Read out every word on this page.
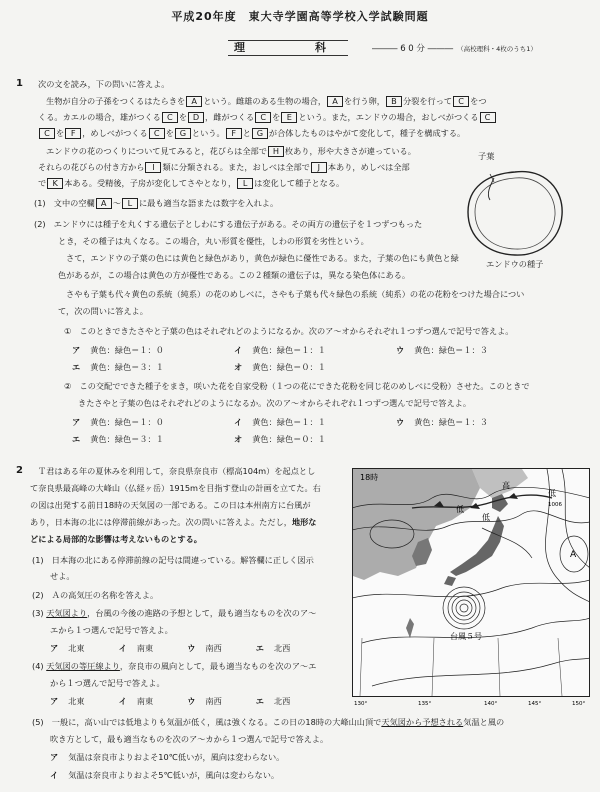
平成20年度　東大寺学園高等学校入学試験問題
理　　科	――― 6 0 分 ――― （高校理科・4枚のうち1）
1 次の文を読み，下の問いに答えよ。
生物が自分の子孫をつくるはたらきを A という。雌雄のある生物の場合， A を行う卵， B 分裂を行って C をつ
くる。カエルの場合，雄がつくる C を D ，雌がつくる C を E という。また，エンドウの場合，おしべがつくる C
C を F ，めしべがつくる C を G という。 F と G が合体したものはやがて変化して，種子を構成する。
エンドウの花のつくりについて見てみると，花びらは全部で H 枚あり，形や大きさが違っている。
それらの花びらの付き方から I 類に分類される。また，おしべは全部で J 本あり，めしべは全部
で K 本ある。受精後，子房が変化してさやとなり， L は変化して種子となる。
(1)　文中の空欄 A ～ L に最も適当な語または数字を入れよ。
(2)　エンドウには種子を丸くする遺伝子としわにする遺伝子がある。その両方の遺伝子を１つずつもった
とき，その種子は丸くなる。この場合，丸い形質を優性，しわの形質を劣性という。
さて，エンドウの子葉の色には黄色と緑色があり，黄色が緑色に優性である。また，子葉の色にも黄色と緑
色があるが，この場合は黄色の方が優性である。この２種類の遺伝子は，異なる染色体にある。
さやも子葉も代々黄色の系統（純系）の花のめしべに，さやも子葉も代々緑色の系統（純系）の花の花粉をつけた場合につい
て，次の問いに答えよ。
①　このときできたさやと子葉の色はそれぞれどのようになるか。次のア～オからそれぞれ１つずつ選んで記号で答えよ。
ア 黄色：緑色＝１：０	イ 黄色：緑色＝１：１	ウ 黄色：緑色＝１：３
エ 黄色：緑色＝３：１	オ 黄色：緑色＝０：１
②　この交配でできた種子をまき，咲いた花を自家受粉（１つの花にできた花粉を同じ花のめしべに受粉）させた。このときで
きたさやと子葉の色はそれぞれどのようになるか。次のア～オからそれぞれ１つずつ選んで記号で答えよ。
ア 黄色：緑色＝１：０	イ 黄色：緑色＝１：１	ウ 黄色：緑色＝１：３
エ 黄色：緑色＝３：１	オ 黄色：緑色＝０：１
子葉
エンドウの種子
2 Ｔ君はある年の夏休みを利用して，奈良県奈良市（標高104m）を起点とし
て奈良県最高峰の大峰山（仏経ヶ岳）1915mを目指す登山の計画を立てた。右
の図は出発する前日18時の天気図の一部である。この日は本州南方に台風が
あり，日本海の北には停滞前線があった。次の問いに答えよ。ただし，地形な
どによる局部的な影響は考えないものとする。
(1)　日本海の北にある停滞前線の記号は間違っている。解答欄に正しく図示
せよ。
(2)　Ａの高気圧の名称を答えよ。
(3) 天気図より，台風の今後の進路の予想として，最も適当なものを次のア～
エから１つ選んで記号で答えよ。
ア 北東	イ 南東	ウ 南西	エ 北西
(4) 天気図の等圧線より，奈良市の風向として，最も適当なものを次のア～エ
から１つ選んで記号で答えよ。
ア 北東	イ 南東	ウ 南西	エ 北西
(5)　一般に，高い山では低地よりも気温が低く，風は強くなる。この日の18時の大峰山山頂で天気図から予想される気温と風の
吹き方として，最も適当なものを次のア～カから１つ選んで記号で答えよ。
ア 気温は奈良市よりおよそ10℃低いが，風向は変わらない。
イ 気温は奈良市よりおよそ5℃低いが，風向は変わらない。
18時
高
低
低
低
1006
A
台風５号
130°	135°	140°	145°	150°
